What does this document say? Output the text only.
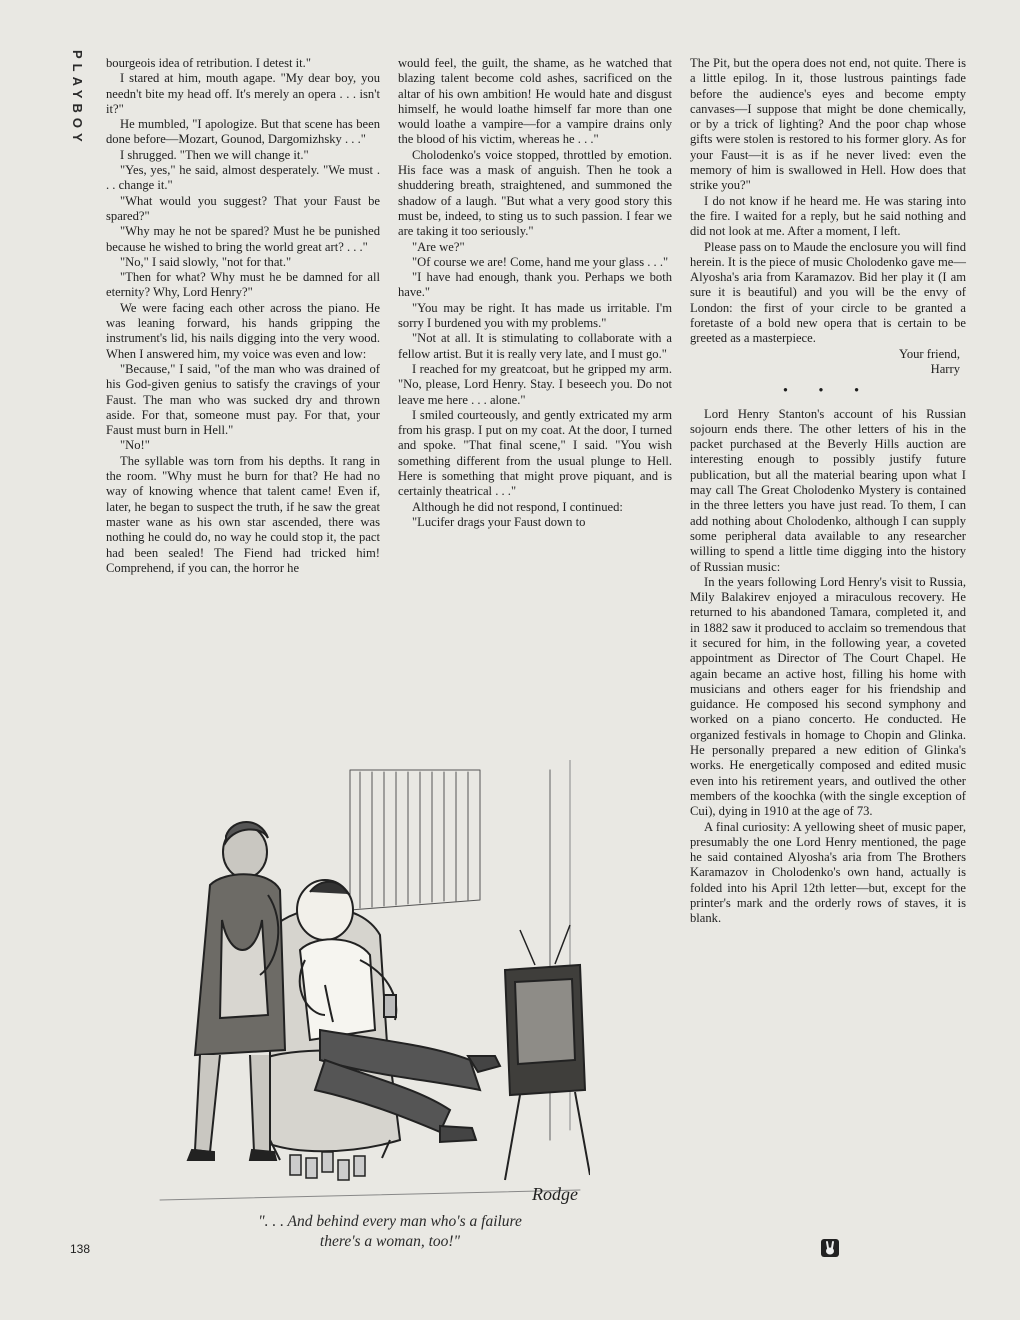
PLAYBOY bourgeois idea of retribution. I detest it."

I stared at him, mouth agape. "My dear boy, you needn't bite my head off. It's merely an opera . . . isn't it?"

He mumbled, "I apologize. But that scene has been done before—Mozart, Gounod, Dargomizhsky . . ."

I shrugged. "Then we will change it."

"Yes, yes," he said, almost desperately. "We must . . . change it."

"What would you suggest? That your Faust be spared?"

"Why may he not be spared? Must he be punished because he wished to bring the world great art? . . ."

"No," I said slowly, "not for that."

"Then for what? Why must he be damned for all eternity? Why, Lord Henry?"

We were facing each other across the piano. He was leaning forward, his hands gripping the instrument's lid, his nails digging into the very wood. When I answered him, my voice was even and low:

"Because," I said, "of the man who was drained of his God-given genius to satisfy the cravings of your Faust. The man who was sucked dry and thrown aside. For that, someone must pay. For that, your Faust must burn in Hell."

"No!"

The syllable was torn from his depths. It rang in the room. "Why must he burn for that? He had no way of knowing whence that talent came! Even if, later, he began to suspect the truth, if he saw the great master wane as his own star ascended, there was nothing he could do, no way he could stop it, the pact had been sealed! The Fiend had tricked him! Comprehend, if you can, the horror he

would feel, the guilt, the shame, as he watched that blazing talent become cold ashes, sacrificed on the altar of his own ambition! He would hate and disgust himself, he would loathe himself far more than one would loathe a vampire—for a vampire drains only the blood of his victim, whereas he . . ."

Cholodenko's voice stopped, throttled by emotion. His face was a mask of anguish. Then he took a shuddering breath, straightened, and summoned the shadow of a laugh. "But what a very good story this must be, indeed, to sting us to such passion. I fear we are taking it too seriously."

"Are we?"

"Of course we are! Come, hand me your glass . . ."

"I have had enough, thank you. Perhaps we both have."

"You may be right. It has made us irritable. I'm sorry I burdened you with my problems."

"Not at all. It is stimulating to collaborate with a fellow artist. But it is really very late, and I must go."

I reached for my greatcoat, but he gripped my arm. "No, please, Lord Henry. Stay. I beseech you. Do not leave me here . . . alone."

I smiled courteously, and gently extricated my arm from his grasp. I put on my coat. At the door, I turned and spoke. "That final scene," I said. "You wish something different from the usual plunge to Hell. Here is something that might prove piquant, and is certainly theatrical . . ."

Although he did not respond, I continued:

"Lucifer drags your Faust down to

The Pit, but the opera does not end, not quite. There is a little epilog. In it, those lustrous paintings fade before the audience's eyes and become empty canvases—I suppose that might be done chemically, or by a trick of lighting? And the poor chap whose gifts were stolen is restored to his former glory. As for your Faust—it is as if he never lived: even the memory of him is swallowed in Hell. How does that strike you?"

I do not know if he heard me. He was staring into the fire. I waited for a reply, but he said nothing and did not look at me. After a moment, I left.

Please pass on to Maude the enclosure you will find herein. It is the piece of music Cholodenko gave me—Alyosha's aria from Karamazov. Bid her play it (I am sure it is beautiful) and you will be the envy of London: the first of your circle to be granted a foretaste of a bold new opera that is certain to be greeted as a masterpiece.

Your friend,

Harry

• • •

Lord Henry Stanton's account of his Russian sojourn ends there. The other letters of his in the packet purchased at the Beverly Hills auction are interesting enough to possibly justify future publication, but all the material bearing upon what I may call The Great Cholodenko Mystery is contained in the three letters you have just read. To them, I can add nothing about Cholodenko, although I can supply some peripheral data available to any researcher willing to spend a little time digging into the history of Russian music:

In the years following Lord Henry's visit to Russia, Mily Balakirev enjoyed a miraculous recovery. He returned to his abandoned Tamara, completed it, and in 1882 saw it produced to acclaim so tremendous that it secured for him, in the following year, a coveted appointment as Director of The Court Chapel. He again became an active host, filling his home with musicians and others eager for his friendship and guidance. He composed his second symphony and worked on a piano concerto. He conducted. He organized festivals in homage to Chopin and Glinka. He personally prepared a new edition of Glinka's works. He energetically composed and edited music even into his retirement years, and outlived the other members of the koochka (with the single exception of Cui), dying in 1910 at the age of 73.

A final curiosity: A yellowing sheet of music paper, presumably the one Lord Henry mentioned, the page he said contained Alyosha's aria from The Brothers Karamazov in Cholodenko's own hand, actually is folded into his April 12th letter—but, except for the printer's mark and the orderly rows of staves, it is blank.

Rodge
". . . And behind every man who's a failure
there's a woman, too!"
138
